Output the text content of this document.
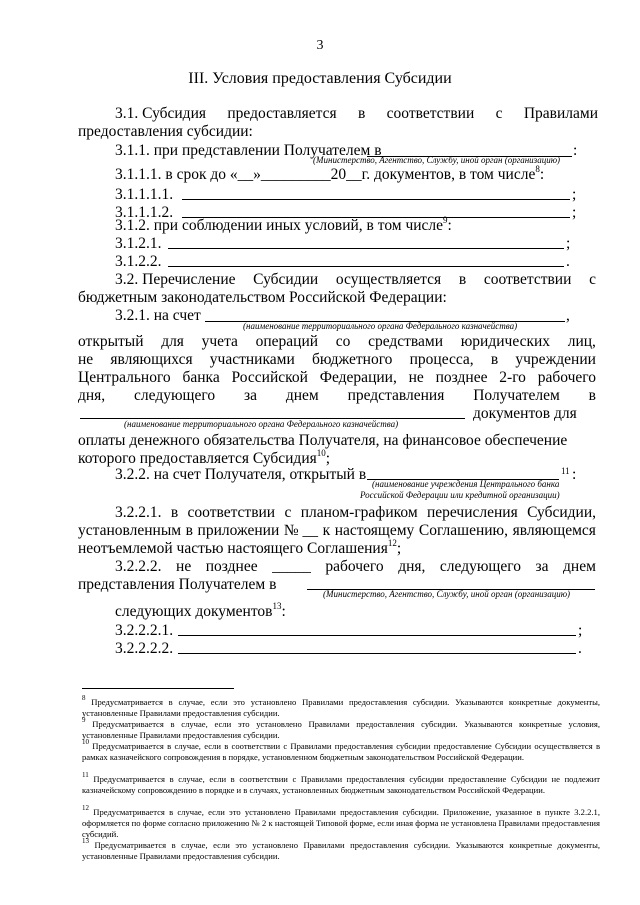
3
III. Условия предоставления Субсидии
3.1. Субсидия предоставляется в соответствии с Правилами
предоставления субсидии:
3.1.1. при представлении Получателем в	:
(Министерство, Агентство, Службу, иной орган (организацию)
3.1.1.1. в срок до «__»_________20__г. документов, в том числе$^8$:
3.1.1.1.1.	;
3.1.1.1.2.	;
3.1.2. при соблюдении иных условий, в том числе$^9$:
3.1.2.1.	;
3.1.2.2.	.
3.2. Перечисление Субсидии осуществляется в соответствии с
бюджетным законодательством Российской Федерации:
3.2.1. на счет	,
(наименование территориального органа Федерального казначейства)
открытый для учета операций со средствами юридических лиц,
не являющихся участниками бюджетного процесса, в учреждении
Центрального банка Российской Федерации, не позднее 2-го рабочего
дня, следующего за днем представления Получателем в
документов для
(наименование территориального органа Федерального казначейства)
оплаты денежного обязательства Получателя, на финансовое обеспечение
которого предоставляется Субсидия$^{10}$;
3.2.2. на счет Получателя, открытый в	11 :
(наименование учреждения Центрального банка
Российской Федерации или кредитной организации)
3.2.2.1. в соответствии с планом-графиком перечисления Субсидии,
установленным в приложении № __ к настоящему Соглашению, являющемся
неотъемлемой частью настоящего Соглашения$^{12}$;
3.2.2.2. не позднее _____ рабочего дня, следующего за днем
представления Получателем в
(Министерство, Агентство, Службу, иной орган (организацию)
следующих документов$^{13}$:
3.2.2.2.1.	;
3.2.2.2.2.	.
$^8$ Предусматривается в случае, если это установлено Правилами предоставления субсидии. Указываются конкретные документы, установленные Правилами предоставления субсидии.
$^9$ Предусматривается в случае, если это установлено Правилами предоставления субсидии. Указываются конкретные условия, установленные Правилами предоставления субсидии.
$^{10}$ Предусматривается в случае, если в соответствии с Правилами предоставления субсидии предоставление Субсидии осуществляется в рамках казначейского сопровождения в порядке, установленном бюджетным законодательством Российской Федерации.
$^{11}$ Предусматривается в случае, если в соответствии с Правилами предоставления субсидии предоставление Субсидии не подлежит казначейскому сопровождению в порядке и в случаях, установленных бюджетным законодательством Российской Федерации.
$^{12}$ Предусматривается в случае, если это установлено Правилами предоставления субсидии. Приложение, указанное в пункте 3.2.2.1, оформляется по форме согласно приложению № 2 к настоящей Типовой форме, если иная форма не установлена Правилами предоставления субсидий.
$^{13}$ Предусматривается в случае, если это установлено Правилами предоставления субсидии. Указываются конкретные документы, установленные Правилами предоставления субсидии.
